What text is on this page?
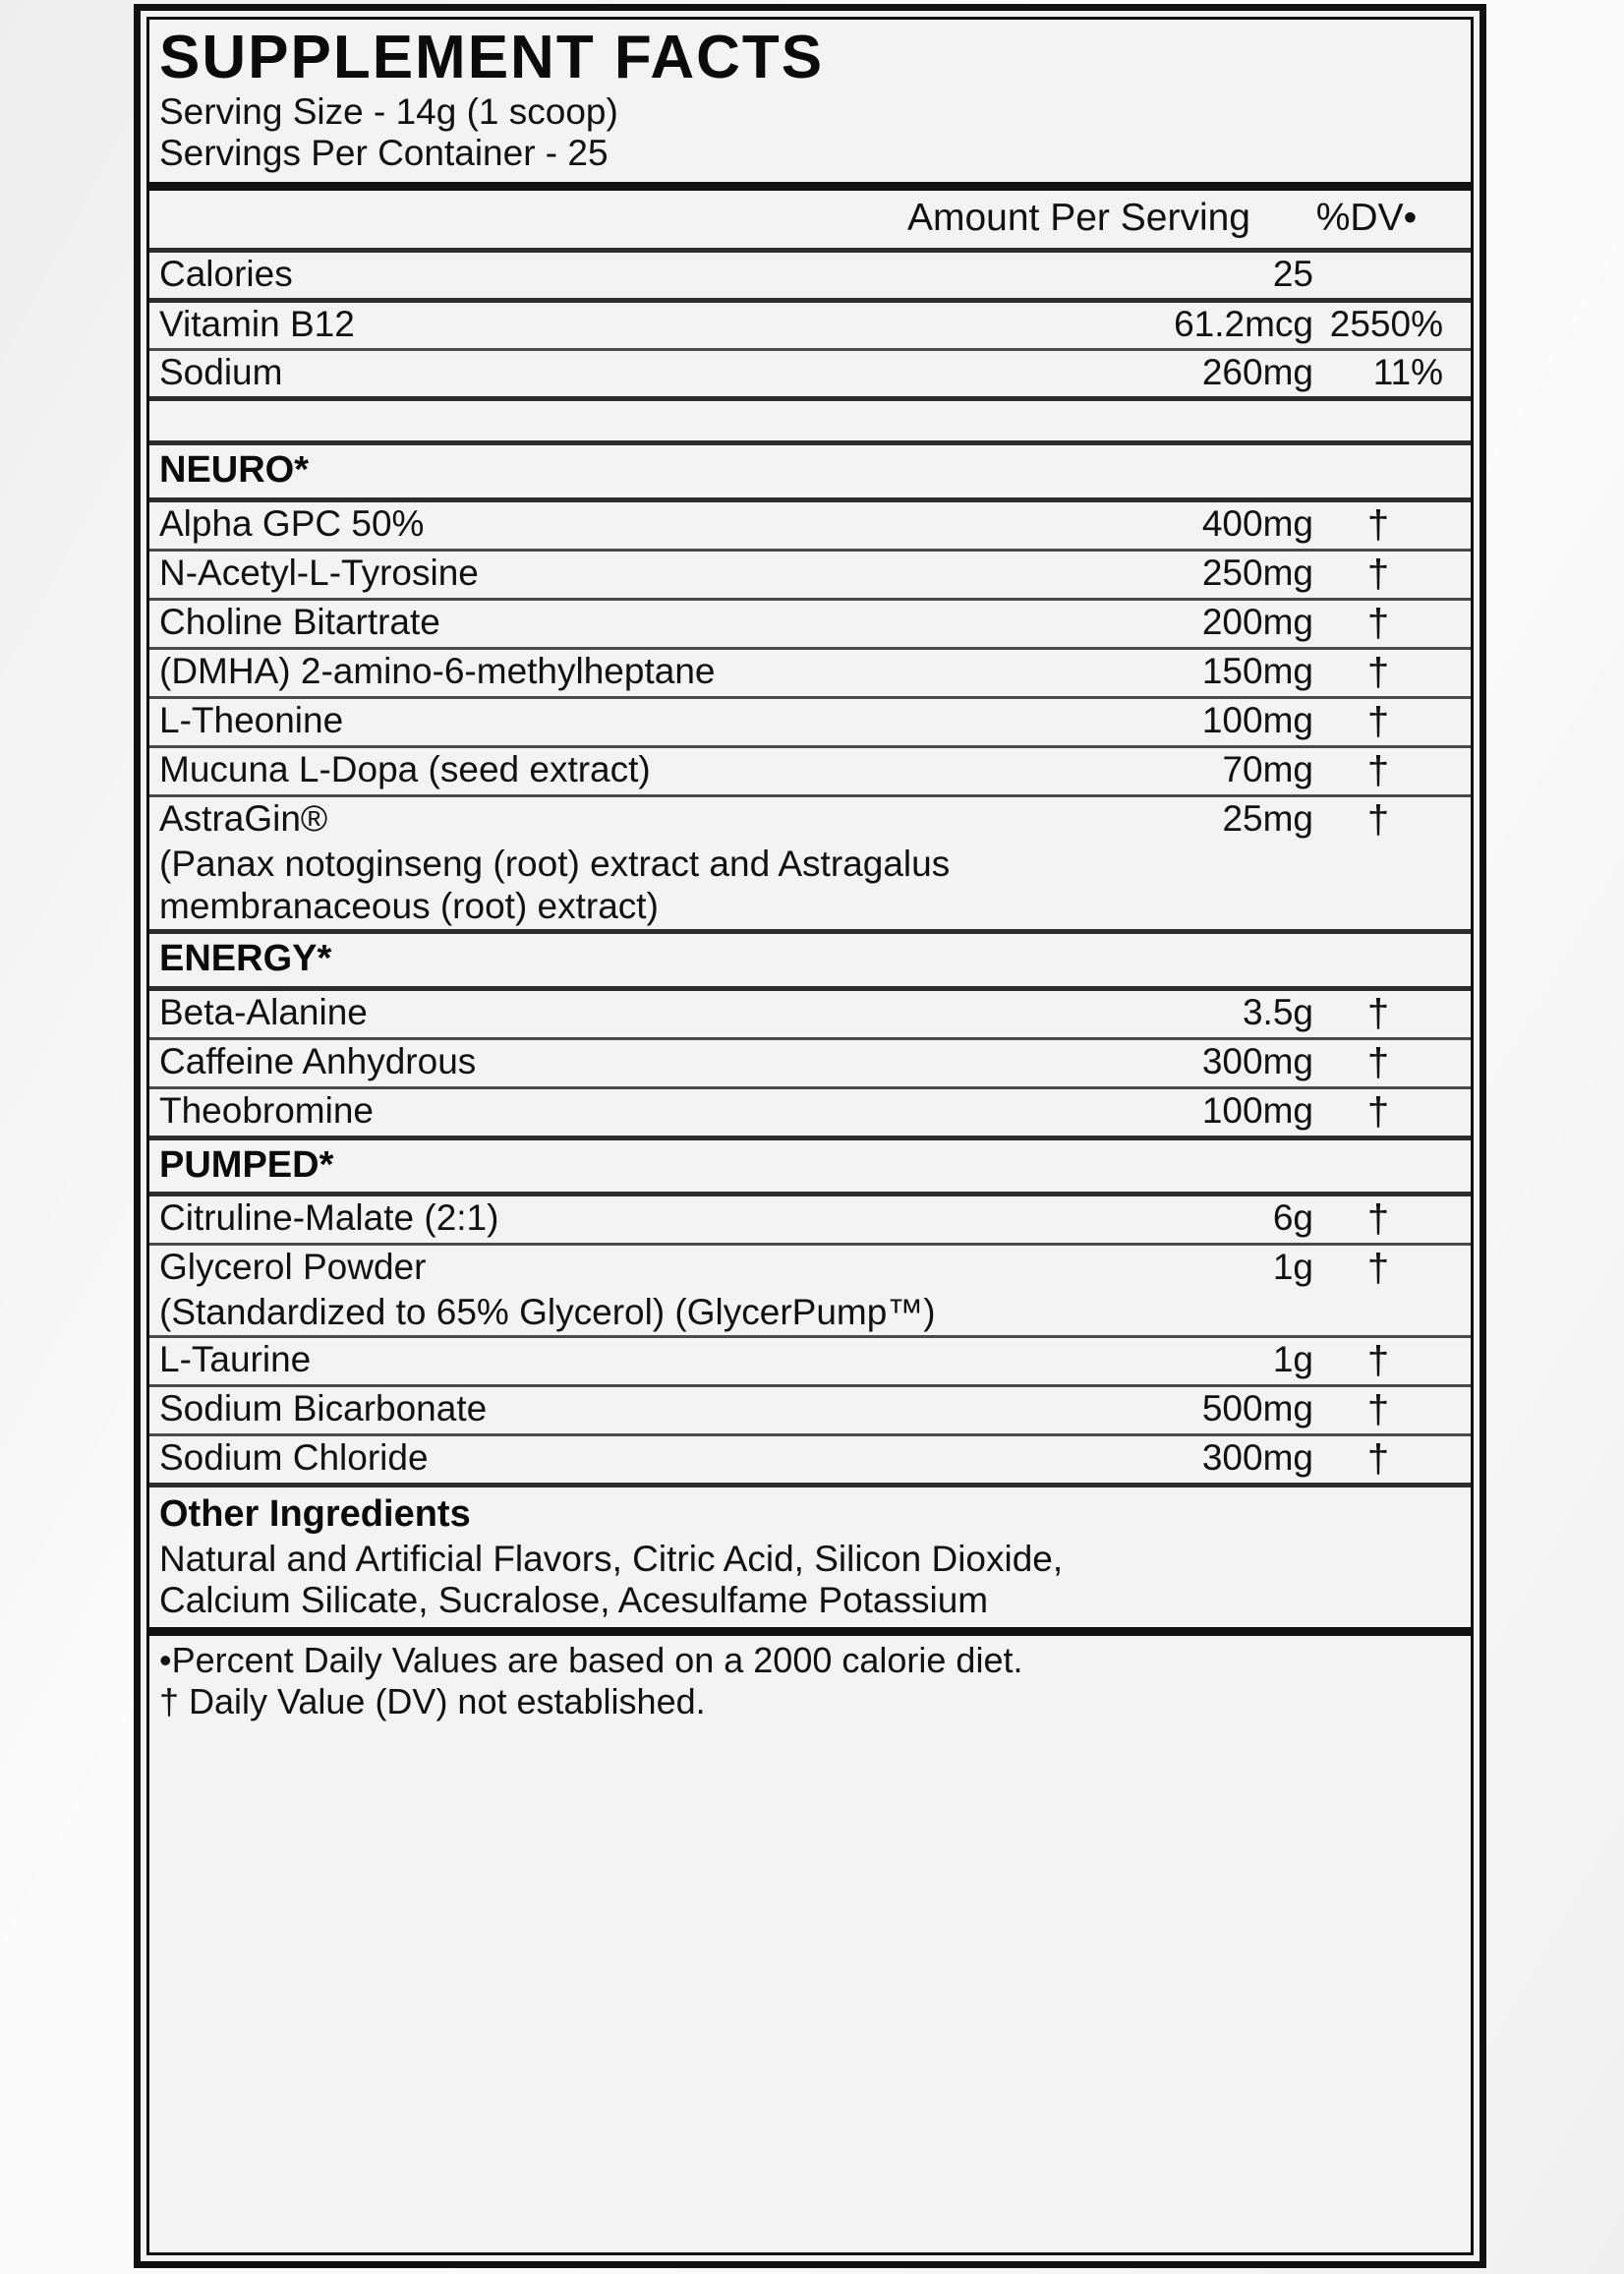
SUPPLEMENT FACTS
Serving Size - 14g (1 scoop)
Servings Per Container - 25
Amount Per Serving	%DV•
Calories	25
Vitamin B12	61.2mcg 2550%
Sodium	260mg	11%
NEURO*
Alpha GPC 50%	400mg	†
N-Acetyl-L-Tyrosine	250mg	†
Choline Bitartrate	200mg	†
(DMHA) 2-amino-6-methylheptane	150mg	†
L-Theonine	100mg	†
Mucuna L-Dopa (seed extract)	70mg	†
AstraGin®	25mg	†
(Panax notoginseng (root) extract and Astragalus
membranaceous (root) extract)
ENERGY*
Beta-Alanine	3.5g	†
Caffeine Anhydrous	300mg	†
Theobromine	100mg	†
PUMPED*
Citruline-Malate (2:1)	6g	†
Glycerol Powder	1g	†
(Standardized to 65% Glycerol) (GlycerPump™)
L-Taurine	1g	†
Sodium Bicarbonate	500mg	†
Sodium Chloride	300mg	†
Other Ingredients
Natural and Artificial Flavors, Citric Acid, Silicon Dioxide,
Calcium Silicate, Sucralose, Acesulfame Potassium
•Percent Daily Values are based on a 2000 calorie diet.
† Daily Value (DV) not established.
